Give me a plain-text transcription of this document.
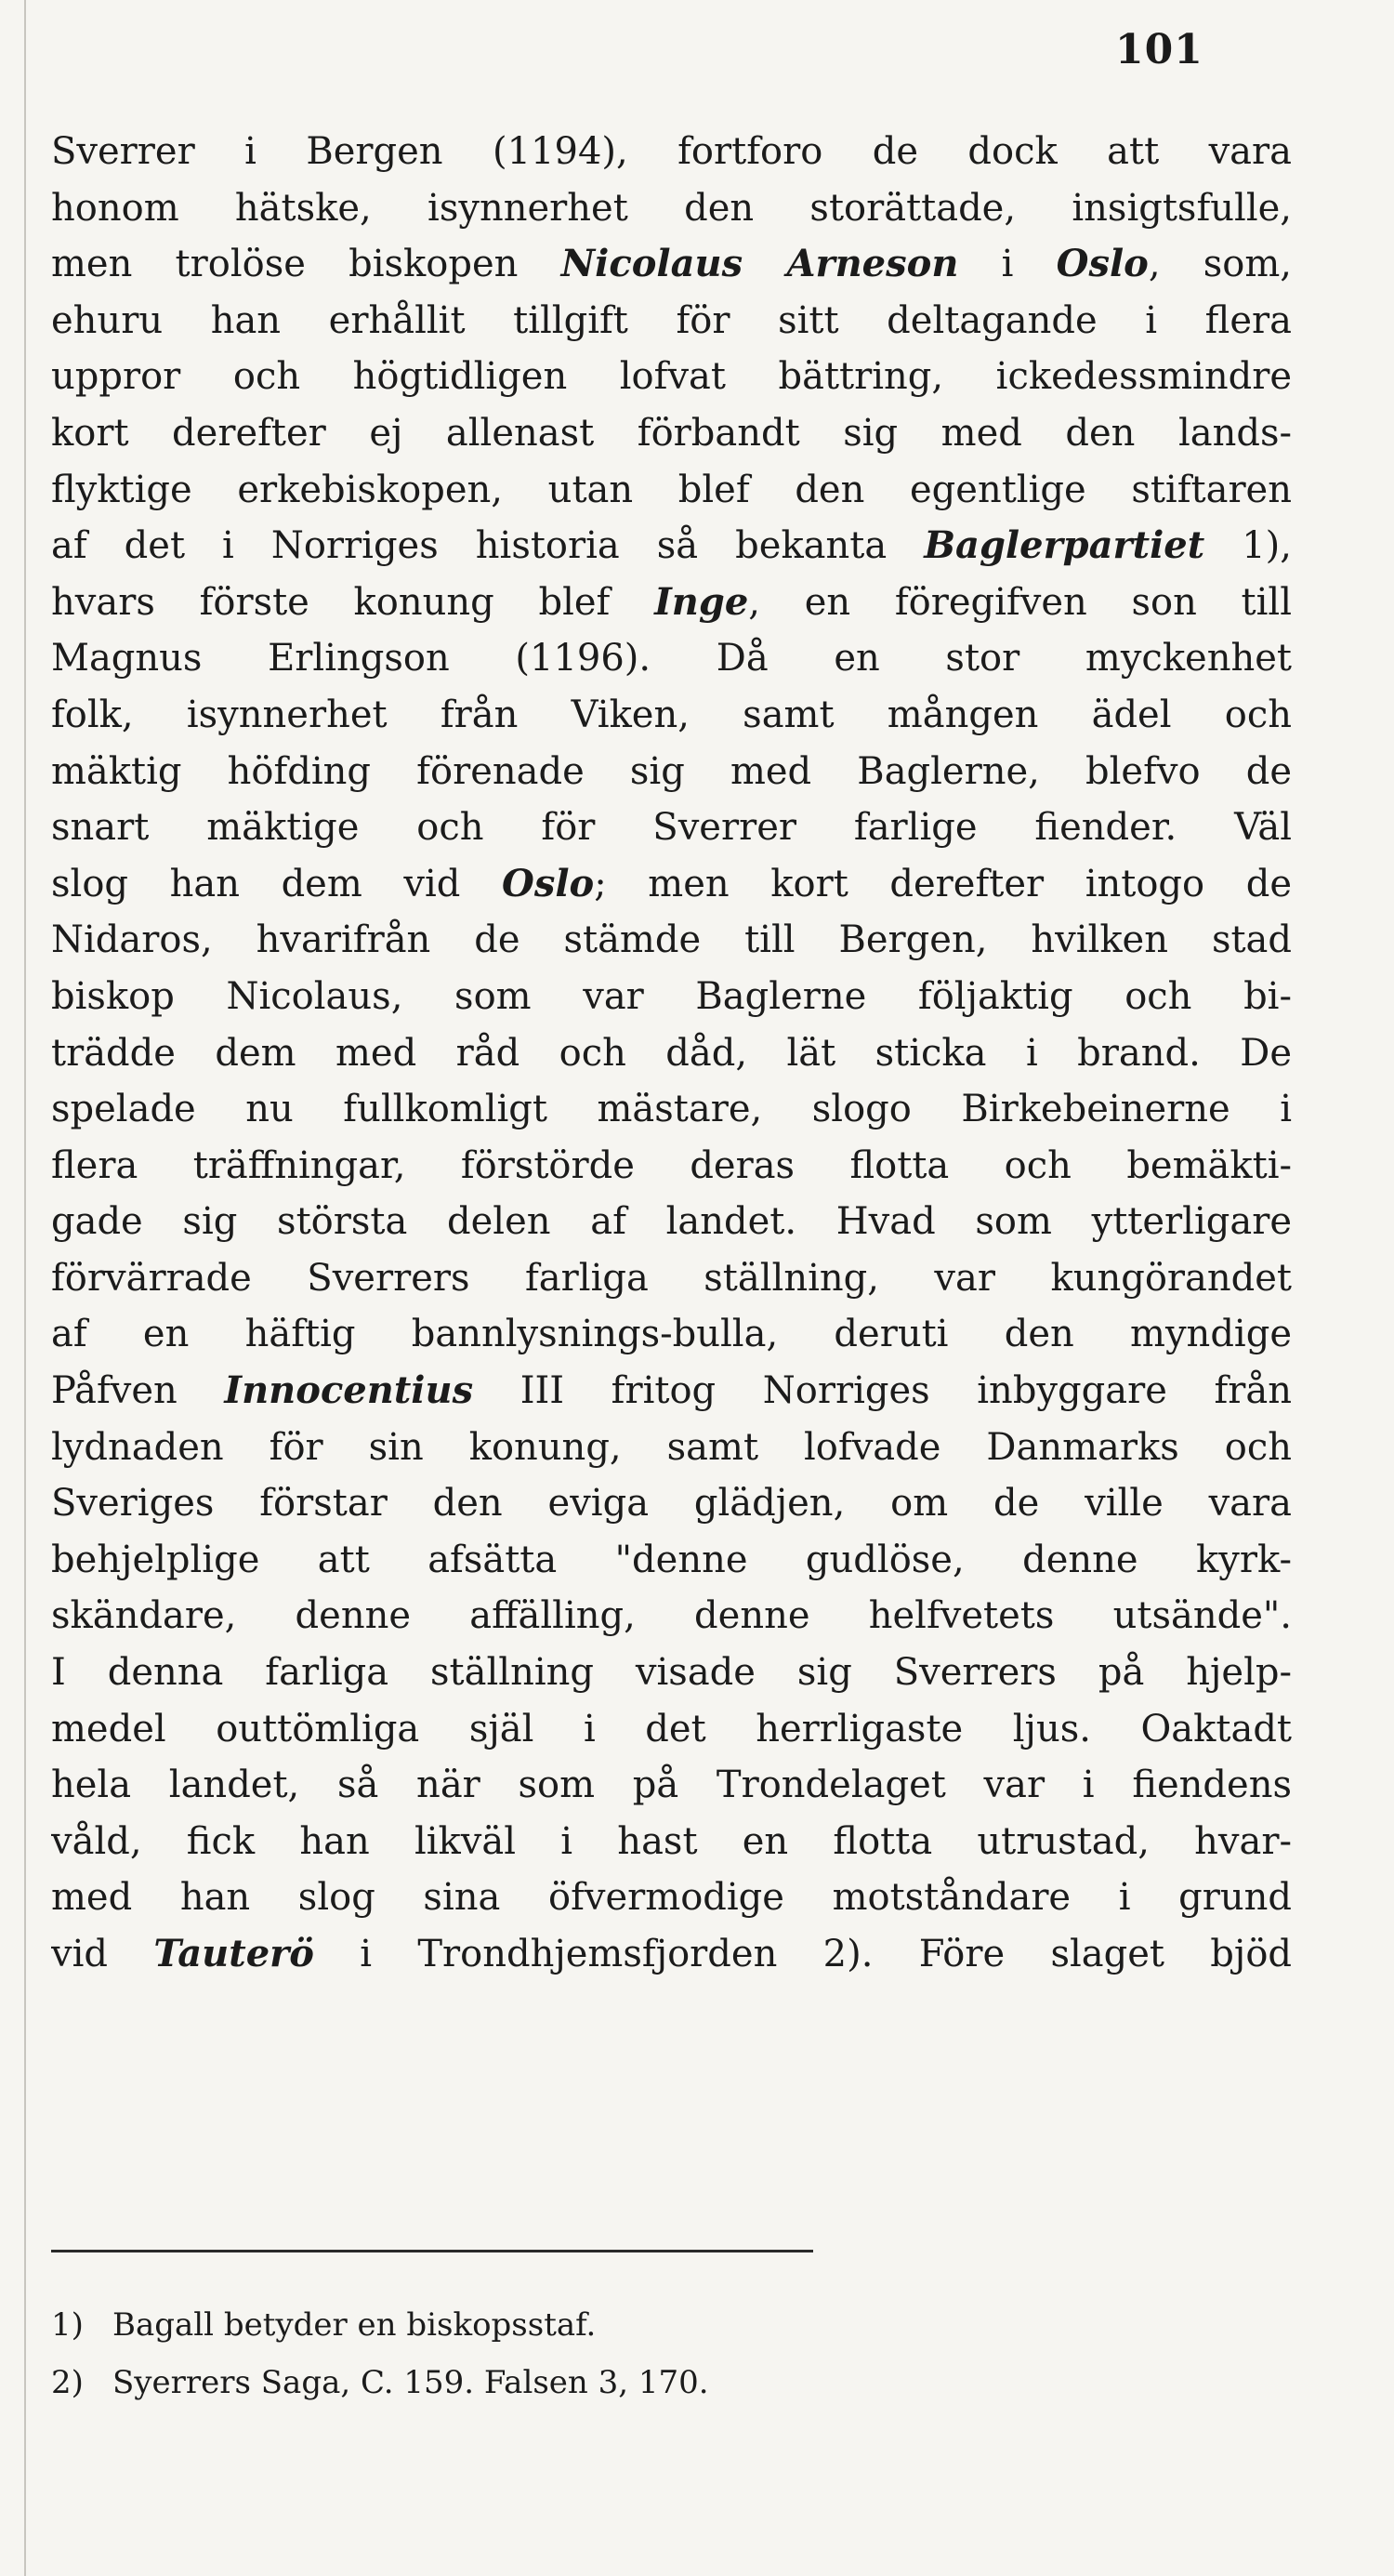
101
Sverrer i Bergen (1194), fortforo de dock att vara
honom hätske, isynnerhet den storättade, insigtsfulle,
men trolöse biskopen Nicolaus Arneson i Oslo, som,
ehuru han erhållit tillgift för sitt deltagande i flera
uppror och högtidligen lofvat bättring, ickedessmindre
kort derefter ej allenast förbandt sig med den lands-
flyktige erkebiskopen, utan blef den egentlige stiftaren
af det i Norriges historia så bekanta Baglerpartiet 1),
hvars förste konung blef Inge, en föregifven son till
Magnus Erlingson (1196). Då en stor myckenhet
folk, isynnerhet från Viken, samt mången ädel och
mäktig höfding förenade sig med Baglerne, blefvo de
snart mäktige och för Sverrer farlige fiender. Väl
slog han dem vid Oslo; men kort derefter intogo de
Nidaros, hvarifrån de stämde till Bergen, hvilken stad
biskop Nicolaus, som var Baglerne följaktig och bi-
trädde dem med råd och dåd, lät sticka i brand. De
spelade nu fullkomligt mästare, slogo Birkebeinerne i
flera träffningar, förstörde deras flotta och bemäkti-
gade sig största delen af landet. Hvad som ytterligare
förvärrade Sverrers farliga ställning, var kungörandet
af en häftig bannlysnings-bulla, deruti den myndige
Påfven Innocentius III fritog Norriges inbyggare från
lydnaden för sin konung, samt lofvade Danmarks och
Sveriges förstar den eviga glädjen, om de ville vara
behjelplige att afsätta "denne gudlöse, denne kyrk-
skändare, denne affälling, denne helfvetets utsände".
I denna farliga ställning visade sig Sverrers på hjelp-
medel outtömliga själ i det herrligaste ljus. Oaktadt
hela landet, så när som på Trondelaget var i fiendens
våld, fick han likväl i hast en flotta utrustad, hvar-
med han slog sina öfvermodige motståndare i grund
vid Tauterö i Trondhjemsfjorden 2). Före slaget bjöd
1) Bagall betyder en biskopsstaf.
2) Syerrers Saga, C. 159. Falsen 3, 170.
